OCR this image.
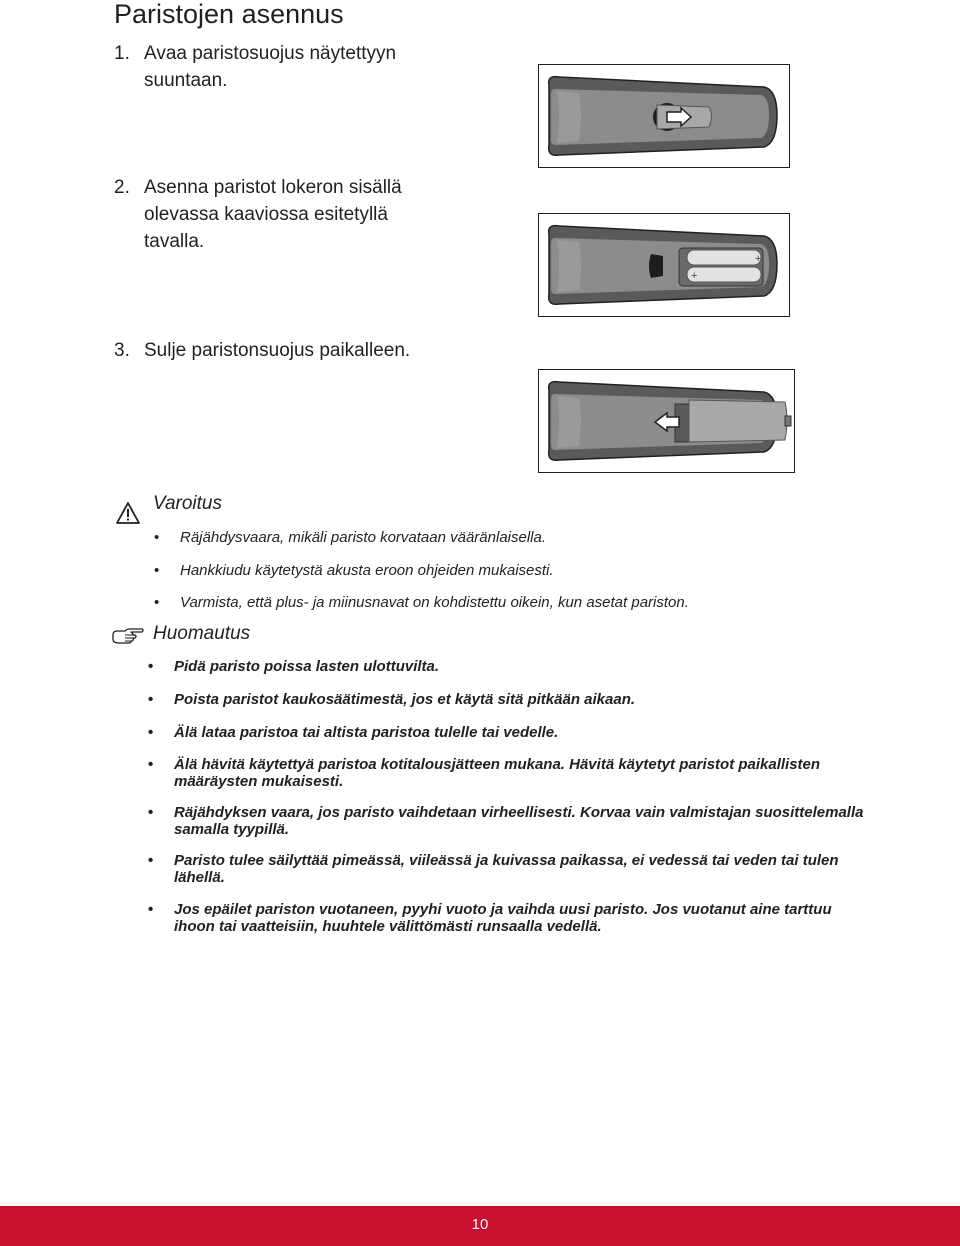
Paristojen asennus
1. Avaa paristosuojus näytettyyn suuntaan.
2. Asenna paristot lokeron sisällä olevassa kaaviossa esitetyllä tavalla.
3. Sulje paristonsuojus paikalleen.
+
+
Varoitus
• Räjähdysvaara, mikäli paristo korvataan vääränlaisella.
• Hankkiudu käytetystä akusta eroon ohjeiden mukaisesti.
• Varmista, että plus- ja miinusnavat on kohdistettu oikein, kun asetat pariston.
Huomautus
• Pidä paristo poissa lasten ulottuvilta.
• Poista paristot kaukosäätimestä, jos et käytä sitä pitkään aikaan.
• Älä lataa paristoa tai altista paristoa tulelle tai vedelle.
• Älä hävitä käytettyä paristoa kotitalousjätteen mukana. Hävitä käytetyt paristot paikallisten määräysten mukaisesti.
• Räjähdyksen vaara, jos paristo vaihdetaan virheellisesti. Korvaa vain valmistajan suosittelemalla samalla tyypillä.
• Paristo tulee säilyttää pimeässä, viileässä ja kuivassa paikassa, ei vedessä tai veden tai tulen lähellä.
• Jos epäilet pariston vuotaneen, pyyhi vuoto ja vaihda uusi paristo. Jos vuotanut aine tarttuu ihoon tai vaatteisiin, huuhtele välittömästi runsaalla vedellä.
10
